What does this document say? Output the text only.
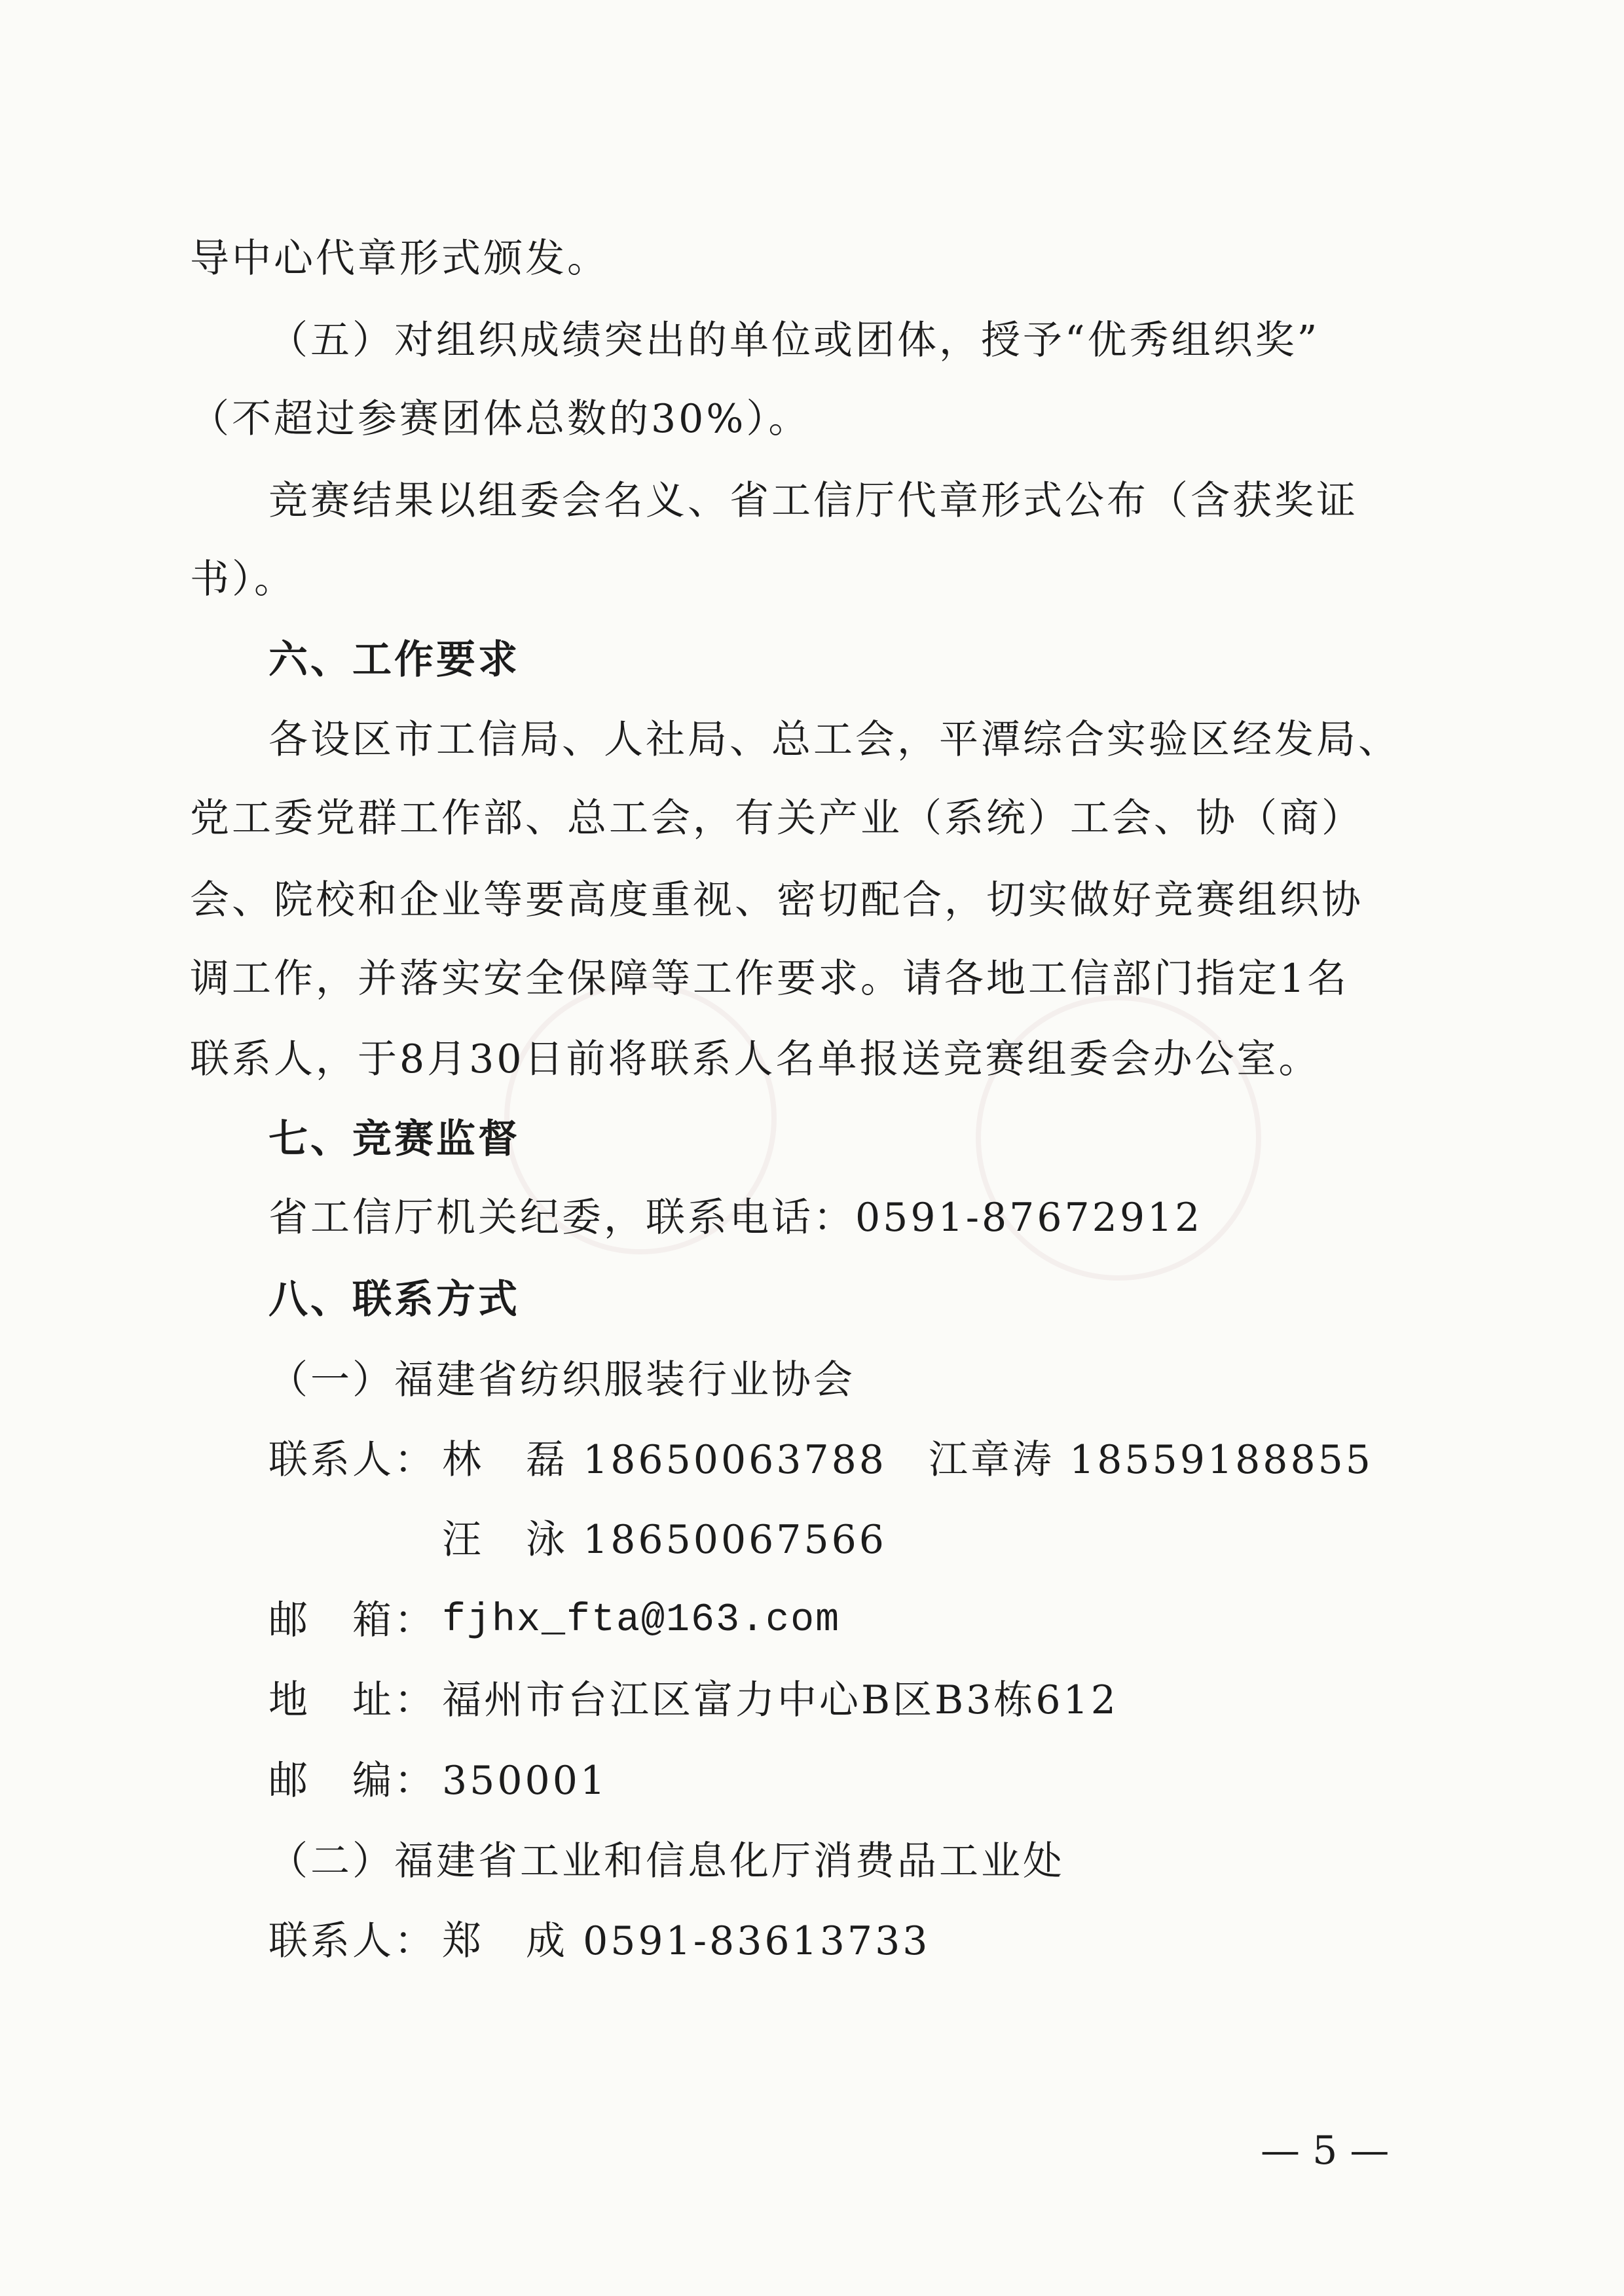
﻿　　　　　　　　　　　
导中心代章形式颁发。
（五）对组织成绩突出的单位或团体，授予“优秀组织奖”
（不超过参赛团体总数的30%）。
竞赛结果以组委会名义、省工信厅代章形式公布（含获奖证
书）。
六、工作要求
各设区市工信局、人社局、总工会，平潭综合实验区经发局、
党工委党群工作部、总工会，有关产业（系统）工会、协（商）
会、院校和企业等要高度重视、密切配合，切实做好竞赛组织协
调工作，并落实安全保障等工作要求。请各地工信部门指定1名
联系人，于8月30日前将联系人名单报送竞赛组委会办公室。
七、竞赛监督
省工信厅机关纪委，联系电话：0591-87672912
八、联系方式
（一）福建省纺织服装行业协会
联系人： 林　磊 18650063788　江章涛 18559188855
汪　泳 18650067566
邮　箱： fjhx_fta@163.com
地　址： 福州市台江区富力中心B区B3栋612
邮　编： 350001
（二）福建省工业和信息化厅消费品工业处
联系人： 郑　成 0591-83613733
— 5 —
